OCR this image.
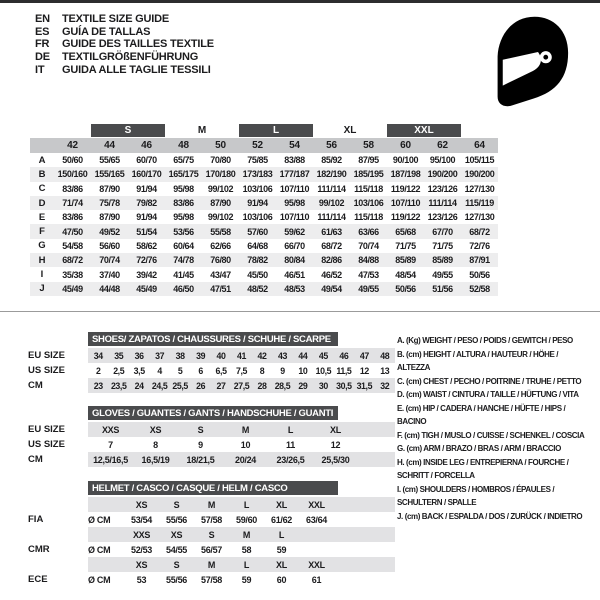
EN	TEXTILE SIZE GUIDE
ES	GUÍA DE TALLAS
FR	GUIDE DES TAILLES TEXTILE
DE	TEXTILGRÖßENFÜHRUNG
IT	GUIDA ALLE TAGLIE TESSILI
S	M	L	XL	XXL
42	44	46	48	50	52	54	56	58	60	62	64
A	50/60	55/65	60/70	65/75	70/80	75/85	83/88	85/92	87/95	90/100	95/100	105/115
B	150/160 155/165 160/170 165/175 170/180 173/183 177/187 182/190 185/195 187/198 190/200 190/200
C	83/86	87/90	91/94	95/98	99/102	103/106 107/110 111/114 115/118 119/122 123/126 127/130
D	71/74	75/78	79/82	83/86	87/90	91/94	95/98	99/102	103/106 107/110 111/114 115/119
E	83/86	87/90	91/94	95/98	99/102	103/106 107/110 111/114 115/118 119/122 123/126 127/130
F	47/50	49/52	51/54	53/56	55/58	57/60	59/62	61/63	63/66	65/68	67/70	68/72
G	54/58	56/60	58/62	60/64	62/66	64/68	66/70	68/72	70/74	71/75	71/75	72/76
H	68/72	70/74	72/76	74/78	76/80	78/82	80/84	82/86	84/88	85/89	85/89	87/91
I	35/38	37/40	39/42	41/45	43/47	45/50	46/51	46/52	47/53	48/54	49/55	50/56
J	45/49	44/48	45/49	46/50	47/51	48/52	48/53	49/54	49/55	50/56	51/56	52/58
SHOES/ ZAPATOS / CHAUSSURES / SCHUHE / SCARPE
EU SIZE	34	35	36	37	38	39	40	41	42	43	44	45	46	47	48
US SIZE	2	2,5	3,5	4	5	6	6,5	7,5	8	9	10 10,5 11,5 12	13
CM	23 23,5 24 24,5 25,5 26	27 27,5 28 28,5 29	30 30,5 31,5 32
GLOVES / GUANTES / GANTS / HANDSCHUHE / GUANTI
EU SIZE	XXS	XS	S	M	L	XL
US SIZE	7	8	9	10	11	12
CM	12,5/16,5	16,5/19	18/21,5	20/24	23/26,5	25,5/30
HELMET / CASCO / CASQUE / HELM / CASCO
XS	S	M	L	XL	XXL
FIA	Ø CM	53/54	55/56	57/58	59/60	61/62	63/64
XXS	XS	S	M	L
CMR	Ø CM	52/53	54/55	56/57	58	59
XS	S	M	L	XL	XXL
ECE	Ø CM	53	55/56	57/58	59	60	61
A. (Kg) WEIGHT / PESO / POIDS / GEWITCH / PESO
B. (cm) HEIGHT / ALTURA / HAUTEUR / HÖHE / ALTEZZA
C. (cm) CHEST / PECHO / POITRINE / TRUHE / PETTO
D. (cm) WAIST / CINTURA / TAILLE / HÜFTUNG / VITA
E. (cm) HIP / CADERA / HANCHE / HÜFTE / HIPS / BACINO
F. (cm) TIGH / MUSLO / CUISSE / SCHENKEL / COSCIA
G. (cm) ARM / BRAZO / BRAS / ARM / BRACCIO
H. (cm) INSIDE LEG / ENTREPIERNA / FOURCHE / SCHRITT / FORCELLA
I. (cm) SHOULDERS / HOMBROS / ÉPAULES / SCHULTERN / SPALLE
J. (cm) BACK / ESPALDA / DOS / ZURÜCK / INDIETRO
